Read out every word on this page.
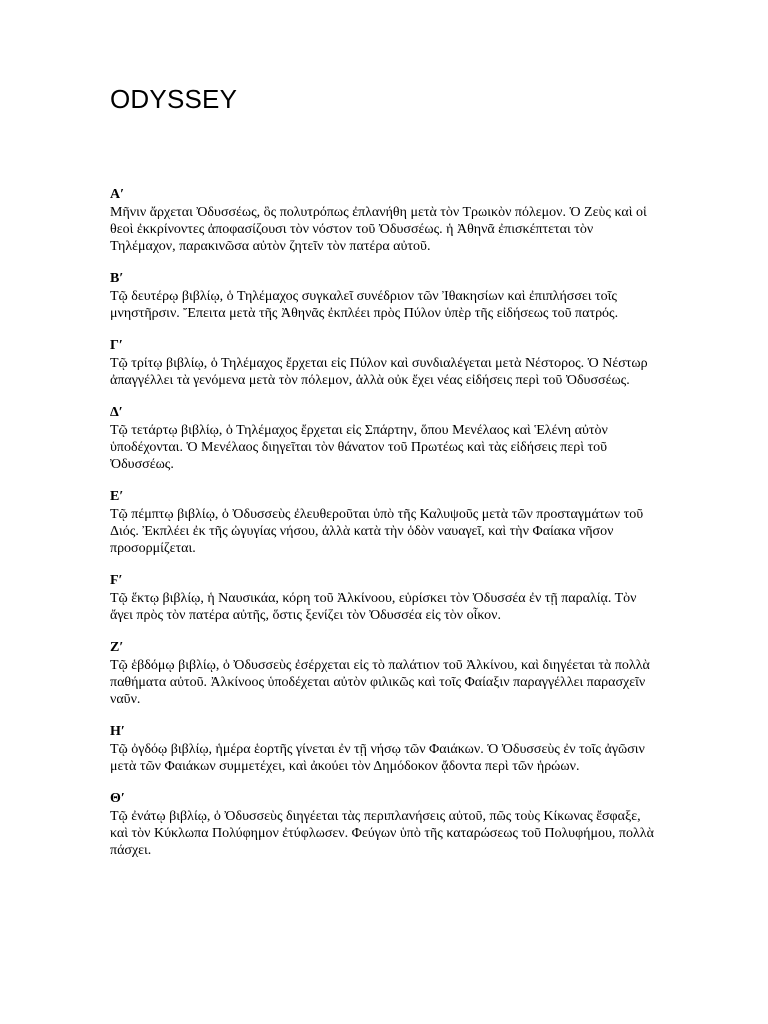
ODYSSEY
Α′

Μῆνιν ἄρχεται Ὀδυσσέως, ὃς πολυτρόπως ἐπλανήθη μετὰ τὸν Τρωικὸν πόλεμον. Ὁ Ζεὺς καὶ οἱ θεοὶ ἐκκρίνοντες ἀποφασίζουσι τὸν νόστον τοῦ Ὀδυσσέως. ἡ Ἀθηνᾶ ἐπισκέπτεται τὸν Τηλέμαχον, παρακινῶσα αὐτὸν ζητεῖν τὸν πατέρα αὐτοῦ.

Β′

Τῷ δευτέρῳ βιβλίῳ, ὁ Τηλέμαχος συγκαλεῖ συνέδριον τῶν Ἰθακησίων καὶ ἐπιπλήσσει τοῖς μνηστῆρσιν. Ἔπειτα μετὰ τῆς Ἀθηνᾶς ἐκπλέει πρὸς Πύλον ὑπὲρ τῆς εἰδήσεως τοῦ πατρός.

Γ′

Τῷ τρίτῳ βιβλίῳ, ὁ Τηλέμαχος ἔρχεται εἰς Πύλον καὶ συνδιαλέγεται μετὰ Νέστορος. Ὁ Νέστωρ ἀπαγγέλλει τὰ γενόμενα μετὰ τὸν πόλεμον, ἀλλὰ οὐκ ἔχει νέας εἰδήσεις περὶ τοῦ Ὀδυσσέως.

Δ′

Τῷ τετάρτῳ βιβλίῳ, ὁ Τηλέμαχος ἔρχεται εἰς Σπάρτην, ὅπου Μενέλαος καὶ Ἑλένη αὐτὸν ὑποδέχονται. Ὁ Μενέλαος διηγεῖται τὸν θάνατον τοῦ Πρωτέως καὶ τὰς εἰδήσεις περὶ τοῦ Ὀδυσσέως.

Ε′

Τῷ πέμπτῳ βιβλίῳ, ὁ Ὀδυσσεὺς ἐλευθεροῦται ὑπὸ τῆς Καλυψοῦς μετὰ τῶν προσταγμάτων τοῦ Διός. Ἐκπλέει ἐκ τῆς ὠγυγίας νήσου, ἀλλὰ κατὰ τὴν ὁδὸν ναυαγεῖ, καὶ τὴν Φαίακα νῆσον προσορμίζεται.

Ϝ′

Τῷ ἕκτῳ βιβλίῳ, ἡ Ναυσικάα, κόρη τοῦ Ἀλκίνοου, εὑρίσκει τὸν Ὀδυσσέα ἐν τῇ παραλίᾳ. Τὸν ἄγει πρὸς τὸν πατέρα αὐτῆς, ὅστις ξενίζει τὸν Ὀδυσσέα εἰς τὸν οἶκον.

Ζ′

Τῷ ἑβδόμῳ βιβλίῳ, ὁ Ὀδυσσεὺς ἐσέρχεται εἰς τὸ παλάτιον τοῦ Ἀλκίνου, καὶ διηγέεται τὰ πολλὰ παθήματα αὐτοῦ. Ἀλκίνοος ὑποδέχεται αὐτὸν φιλικῶς καὶ τοῖς Φαίαξιν παραγγέλλει παρασχεῖν ναῦν.

Η′

Τῷ ὀγδόῳ βιβλίῳ, ἡμέρα ἑορτῆς γίνεται ἐν τῇ νήσῳ τῶν Φαιάκων. Ὁ Ὀδυσσεὺς ἐν τοῖς ἀγῶσιν μετὰ τῶν Φαιάκων συμμετέχει, καὶ ἀκούει τὸν Δημόδοκον ᾄδοντα περὶ τῶν ἡρώων.

Θ′

Τῷ ἐνάτῳ βιβλίῳ, ὁ Ὀδυσσεὺς διηγέεται τὰς περιπλανήσεις αὐτοῦ, πῶς τοὺς Κίκωνας ἔσφαξε, καὶ τὸν Κύκλωπα Πολύφημον ἐτύφλωσεν. Φεύγων ὑπὸ τῆς καταρώσεως τοῦ Πολυφήμου, πολλὰ πάσχει.
